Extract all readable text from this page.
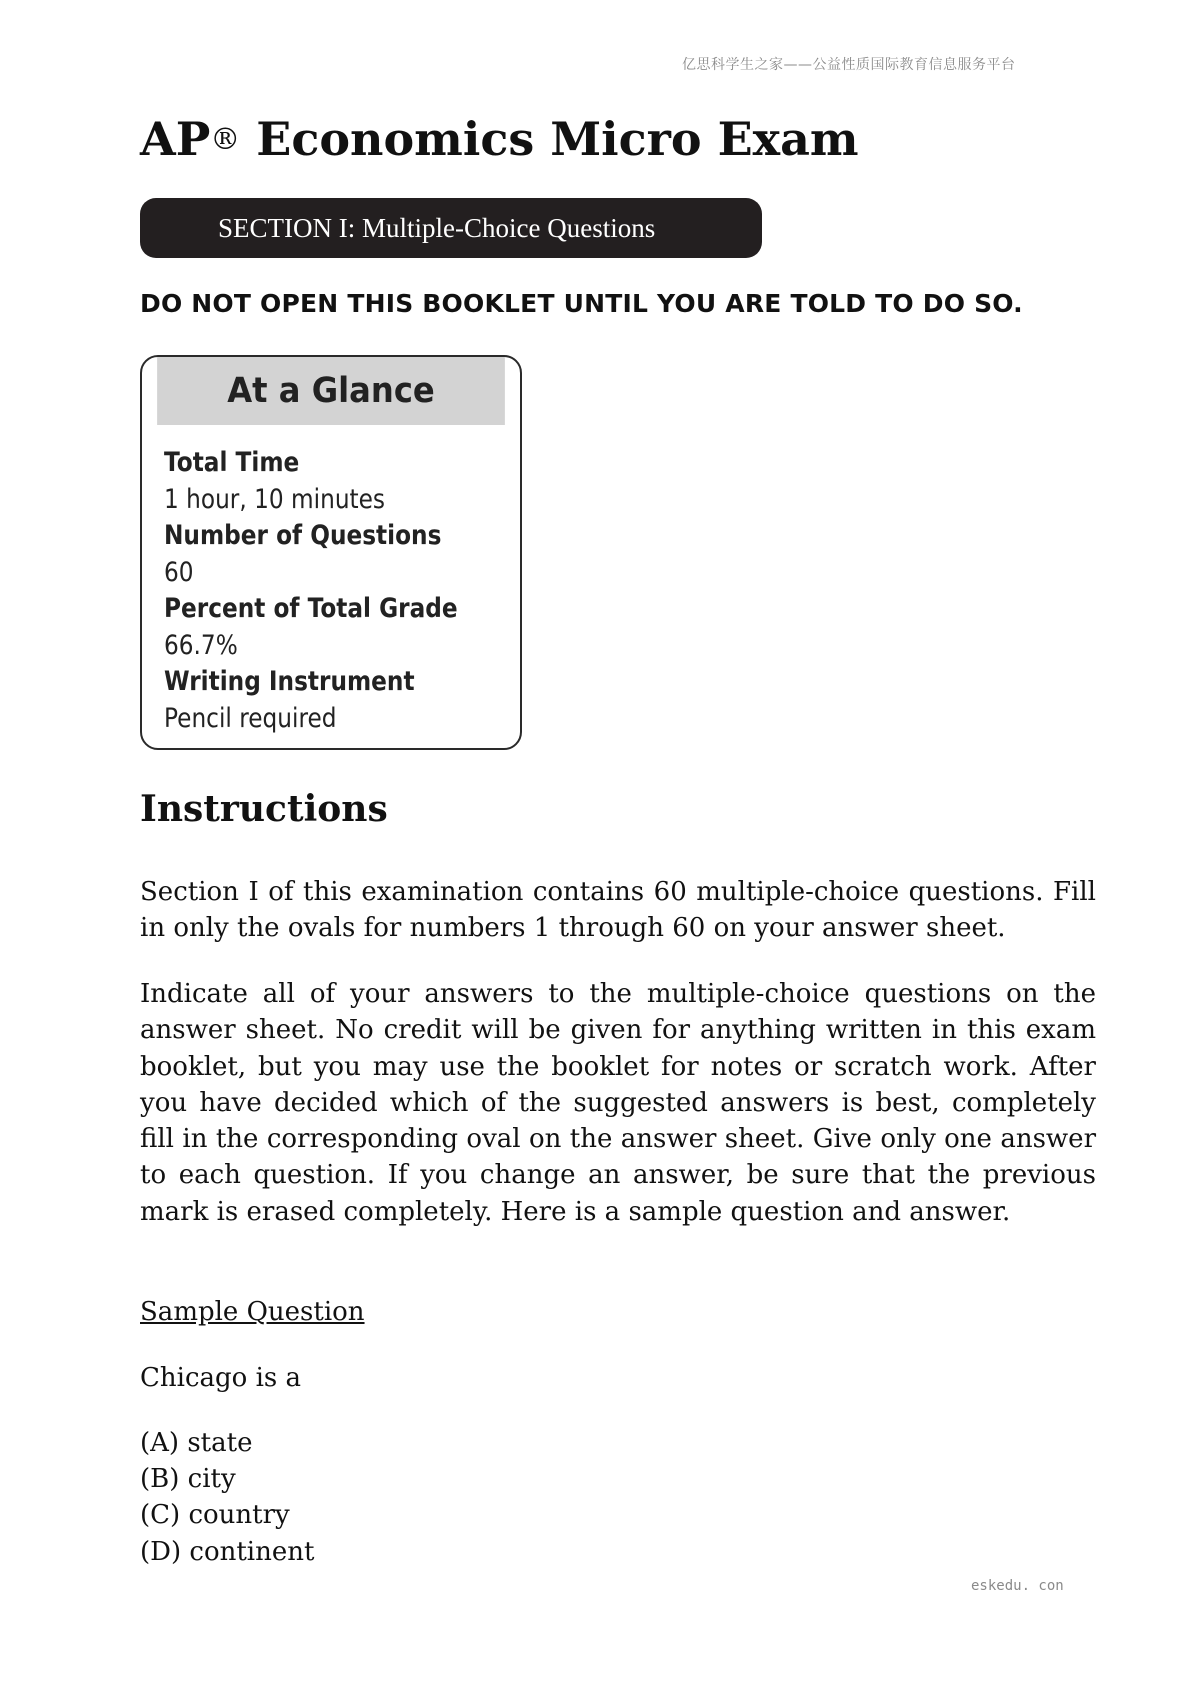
亿思科学生之家——公益性质国际教育信息服务平台
AP® Economics Micro Exam
SECTION I: Multiple-Choice Questions
DO NOT OPEN THIS BOOKLET UNTIL YOU ARE TOLD TO DO SO.
At a Glance
Total Time
1 hour, 10 minutes
Number of Questions
60
Percent of Total Grade
66.7%
Writing Instrument
Pencil required
Instructions

Section I of this examination contains 60 multiple-choice questions. Fill in only the ovals for numbers 1 through 60 on your answer sheet.

Indicate all of your answers to the multiple-choice questions on the answer sheet. No credit will be given for anything written in this exam booklet, but you may use the booklet for notes or scratch work. After you have decided which of the suggested answers is best, completely fill in the corresponding oval on the answer sheet. Give only one answer to each question. If you change an answer, be sure that the previous mark is erased completely. Here is a sample question and answer.

Sample Question
Chicago is a
(A) state
(B) city
(C) country
(D) continent
eskedu. con
